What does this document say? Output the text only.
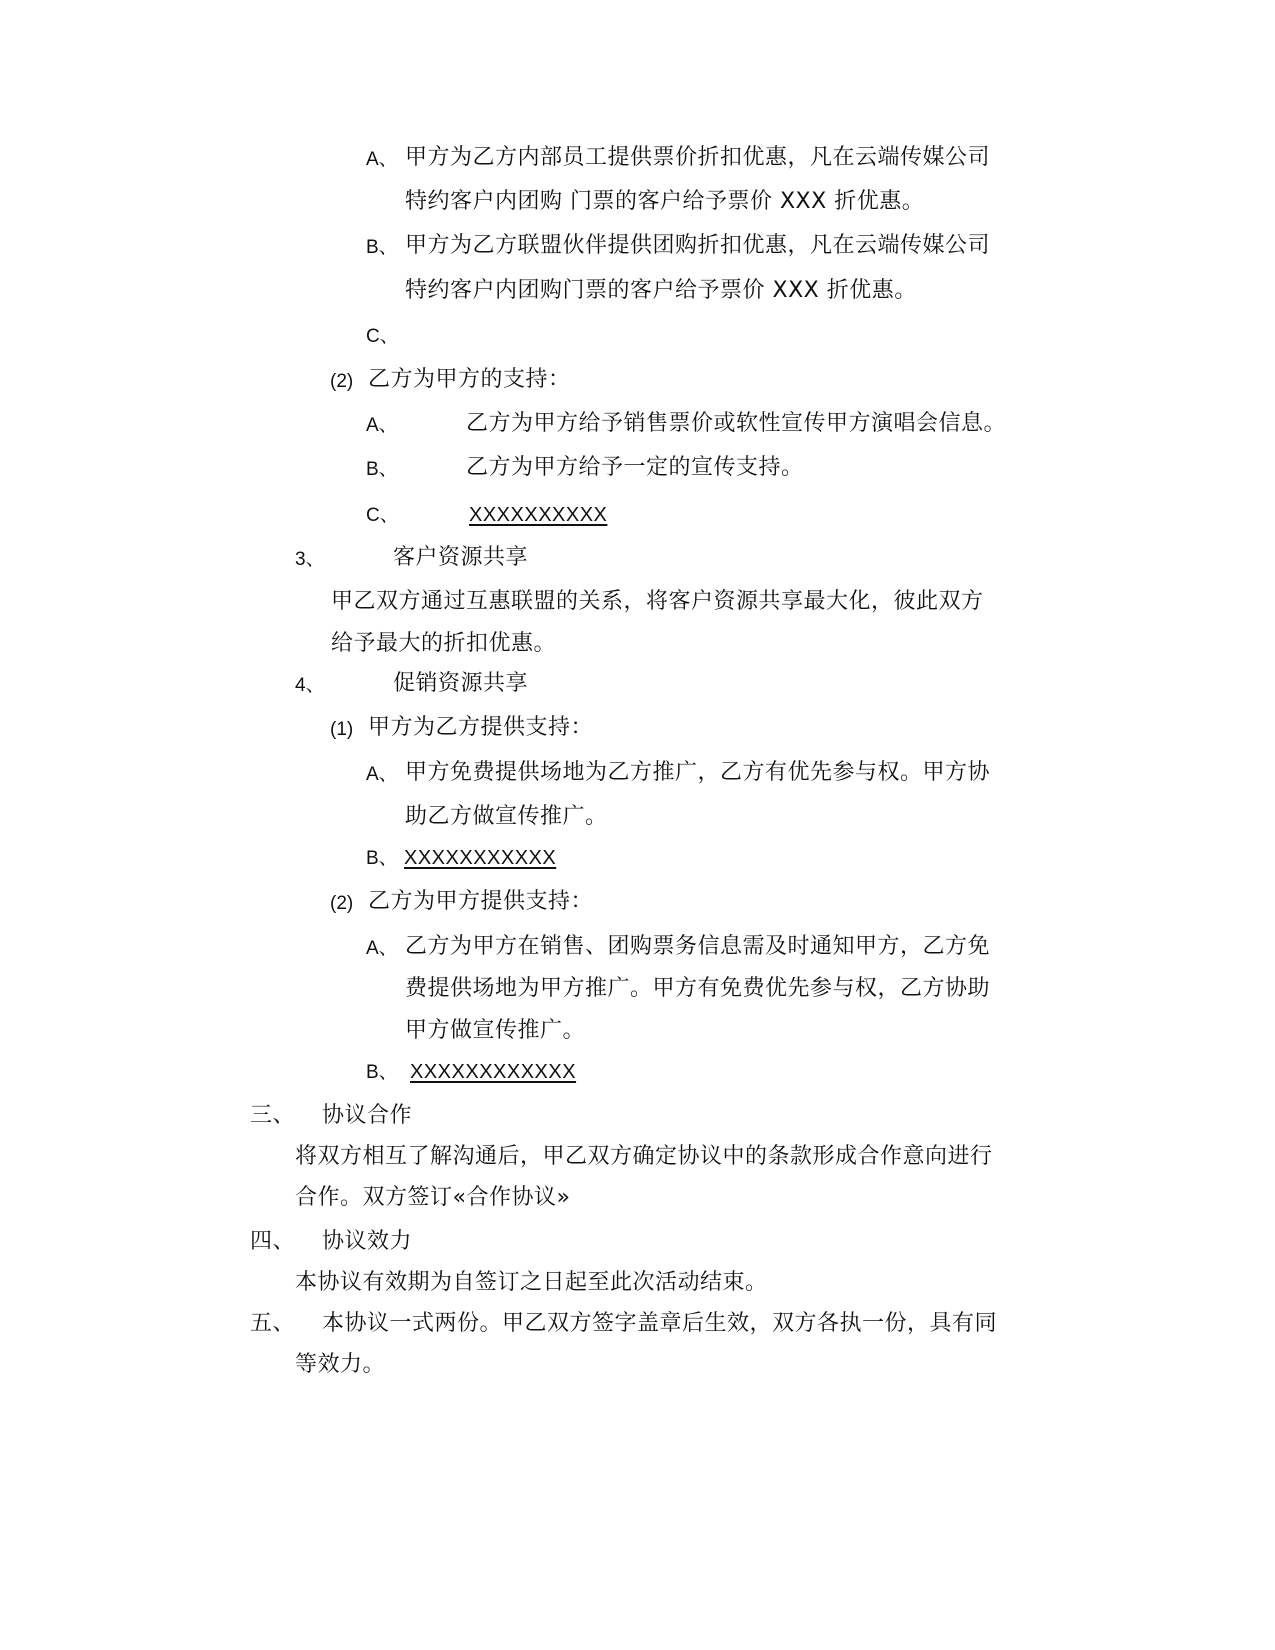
A、 甲方为乙方内部员工提供票价折扣优惠，凡在云端传媒公司
特约客户内团购 门票的客户给予票价 XXX 折优惠。
B、 甲方为乙方联盟伙伴提供团购折扣优惠，凡在云端传媒公司
特约客户内团购门票的客户给予票价 XXX 折优惠。
C、
(2) 乙方为甲方的支持：
A、	乙方为甲方给予销售票价或软性宣传甲方演唱会信息。
B、	乙方为甲方给予一定的宣传支持。
C、	XXXXXXXXXX
3、	客户资源共享
甲乙双方通过互惠联盟的关系，将客户资源共享最大化，彼此双方
给予最大的折扣优惠。
4、	促销资源共享
(1) 甲方为乙方提供支持：
A、 甲方免费提供场地为乙方推广，乙方有优先参与权。甲方协
助乙方做宣传推广。
B、 XXXXXXXXXXX
(2) 乙方为甲方提供支持：
A、 乙方为甲方在销售、团购票务信息需及时通知甲方，乙方免
费提供场地为甲方推广。甲方有免费优先参与权，乙方协助
甲方做宣传推广。
B、 XXXXXXXXXXXX
三、 协议合作
将双方相互了解沟通后，甲乙双方确定协议中的条款形成合作意向进行
合作。双方签订«合作协议»
四、 协议效力
本协议有效期为自签订之日起至此次活动结束。
五、 本协议一式两份。甲乙双方签字盖章后生效，双方各执一份，具有同
等效力。
